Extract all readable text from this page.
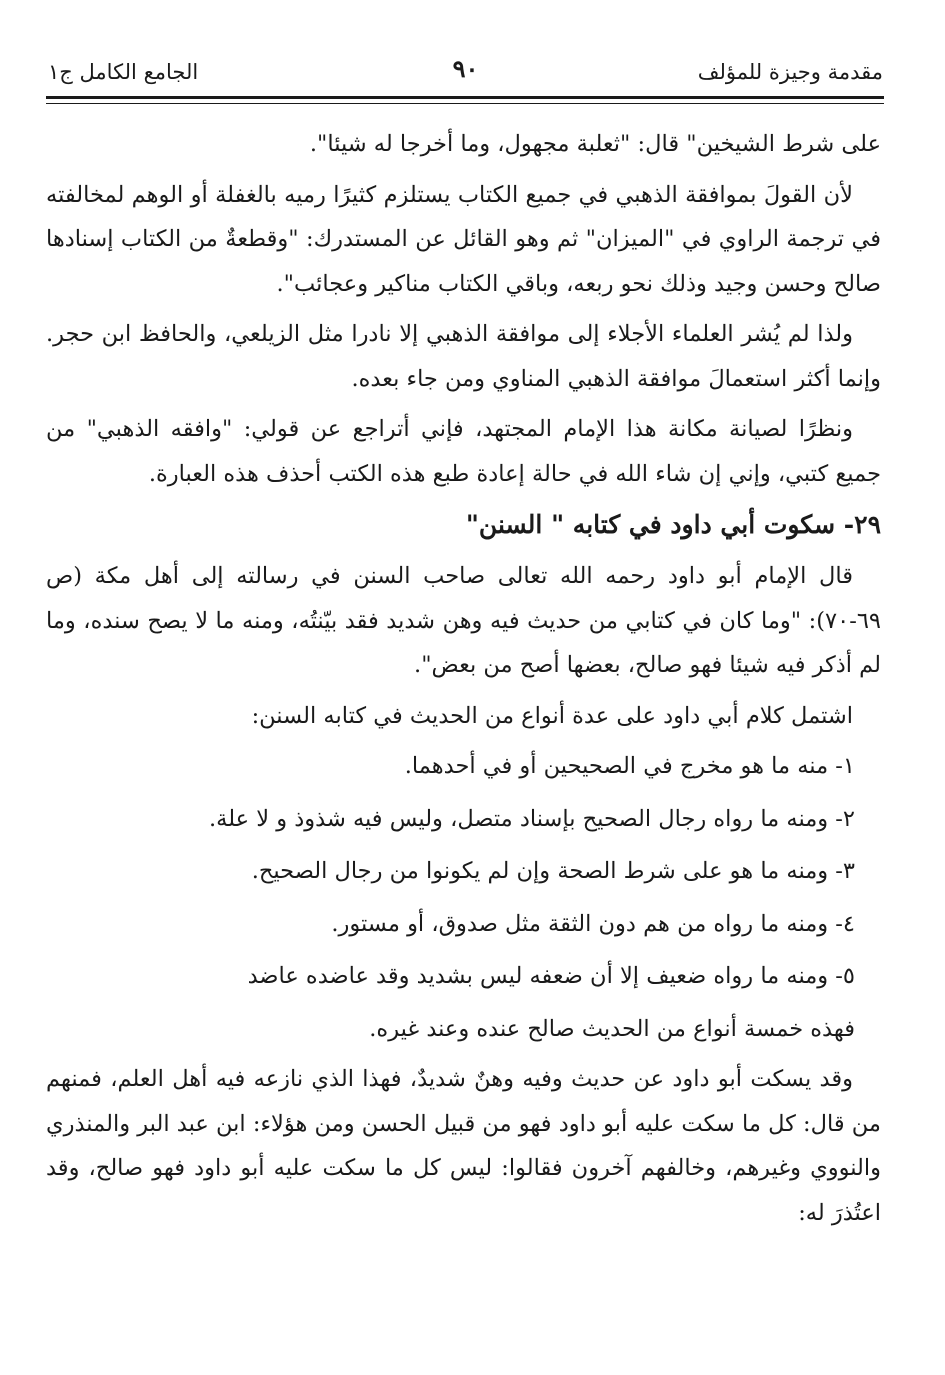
مقدمة وجيزة للمؤلف
٩٠
الجامع الكامل ج١

على شرط الشيخين" قال: "ثعلبة مجهول، وما أخرجا له شيئا".

لأن القولَ بموافقة الذهبي في جميع الكتاب يستلزم كثيرًا رميه بالغفلة أو الوهم لمخالفته في ترجمة الراوي في "الميزان" ثم وهو القائل عن المستدرك: "وقطعةٌ من الكتاب إسنادها صالح وحسن وجيد وذلك نحو ربعه، وباقي الكتاب مناكير وعجائب".

ولذا لم يُشر العلماء الأجلاء إلى موافقة الذهبي إلا نادرا مثل الزيلعي، والحافظ ابن حجر. وإنما أكثر استعمالَ موافقة الذهبي المناوي ومن جاء بعده.

ونظرًا لصيانة مكانة هذا الإمام المجتهد، فإني أتراجع عن قولي: "وافقه الذهبي" من جميع كتبي، وإني إن شاء الله في حالة إعادة طبع هذه الكتب أحذف هذه العبارة.

٢٩- سكوت أبي داود في كتابه " السنن"

قال الإمام أبو داود رحمه الله تعالى صاحب السنن في رسالته إلى أهل مكة (ص ٦٩-٧٠): "وما كان في كتابي من حديث فيه وهن شديد فقد بيّنتُه، ومنه ما لا يصح سنده، وما لم أذكر فيه شيئا فهو صالح، بعضها أصح من بعض".

اشتمل كلام أبي داود على عدة أنواع من الحديث في كتابه السنن:

١- منه ما هو مخرج في الصحيحين أو في أحدهما.

٢- ومنه ما رواه رجال الصحيح بإسناد متصل، وليس فيه شذوذ و لا علة.

٣- ومنه ما هو على شرط الصحة وإن لم يكونوا من رجال الصحيح.

٤- ومنه ما رواه من هم دون الثقة مثل صدوق، أو مستور.

٥- ومنه ما رواه ضعيف إلا أن ضعفه ليس بشديد وقد عاضده عاضد

فهذه خمسة أنواع من الحديث صالح عنده وعند غيره.

وقد يسكت أبو داود عن حديث وفيه وهنٌ شديدٌ، فهذا الذي نازعه فيه أهل العلم، فمنهم من قال: كل ما سكت عليه أبو داود فهو من قبيل الحسن ومن هؤلاء: ابن عبد البر والمنذري والنووي وغيرهم، وخالفهم آخرون فقالوا: ليس كل ما سكت عليه أبو داود فهو صالح، وقد اعتُذرَ له:
